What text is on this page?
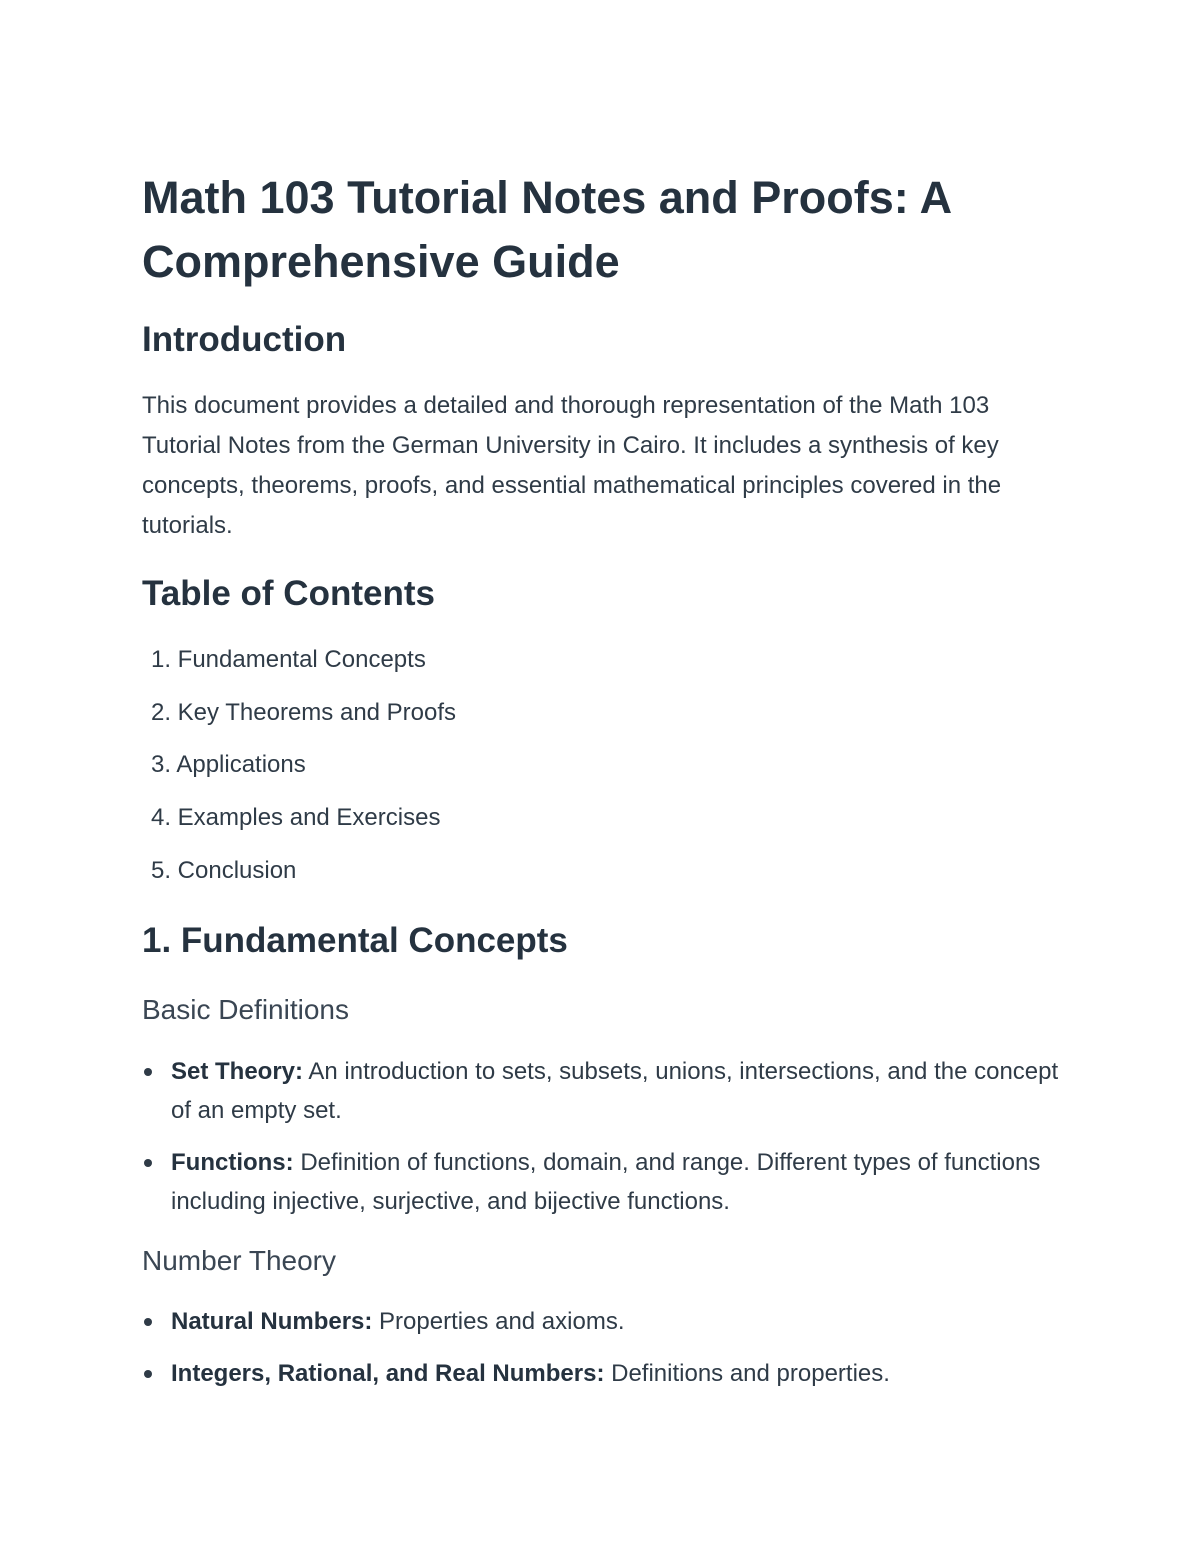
Math 103 Tutorial Notes and Proofs: A Comprehensive Guide
Introduction

This document provides a detailed and thorough representation of the Math 103 Tutorial Notes from the German University in Cairo. It includes a synthesis of key concepts, theorems, proofs, and essential mathematical principles covered in the tutorials.

Table of Contents
1. Fundamental Concepts
2. Key Theorems and Proofs
3. Applications
4. Examples and Exercises
5. Conclusion
1. Fundamental Concepts
Basic Definitions
Set Theory: An introduction to sets, subsets, unions, intersections, and the concept of an empty set.
Functions: Definition of functions, domain, and range. Different types of functions including injective, surjective, and bijective functions.
Number Theory
Natural Numbers: Properties and axioms.
Integers, Rational, and Real Numbers: Definitions and properties.
